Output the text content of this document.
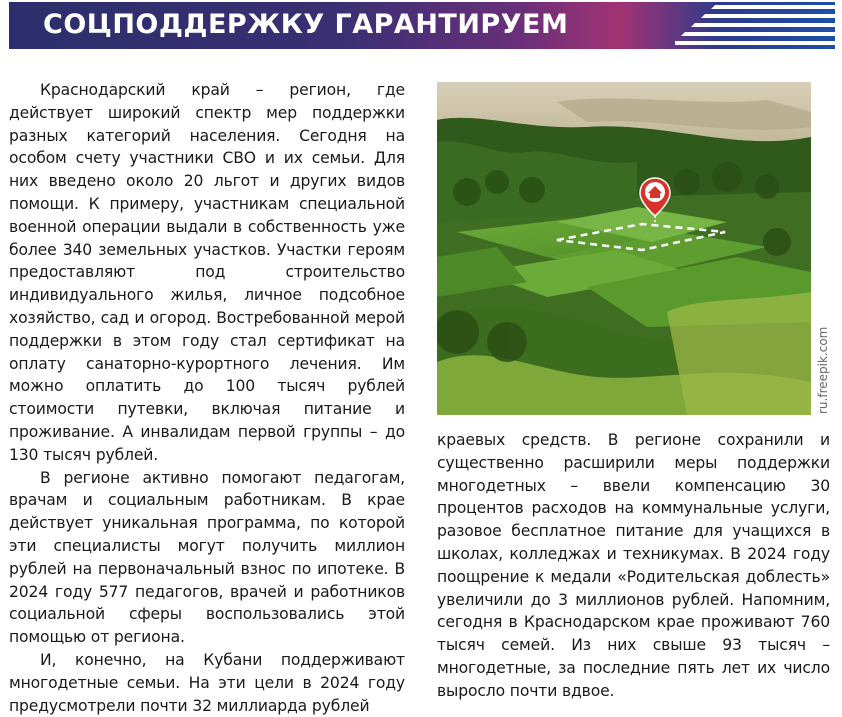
СОЦПОДДЕРЖКУ ГАРАНТИРУЕМ

Краснодарский край – регион, где действует широкий спектр мер поддержки разных категорий населения. Сегодня на особом счету участники СВО и их семьи. Для них введено около 20 льгот и других видов помощи. К примеру, участникам специальной военной операции выдали в собственность уже более 340 земельных участков. Участки героям предоставляют под строительство индивидуального жилья, личное подсобное хозяйство, сад и огород. Востребованной мерой поддержки в этом году стал сертификат на оплату санаторно-курортного лечения. Им можно оплатить до 100 тысяч рублей стоимости путевки, включая питание и проживание. А инвалидам первой группы – до 130 тысяч рублей.

В регионе активно помогают педагогам, врачам и социальным работникам. В крае действует уникальная программа, по которой эти специалисты могут получить миллион рублей на первоначальный взнос по ипотеке. В 2024 году 577 педагогов, врачей и работников социальной сферы воспользовались этой помощью от региона.

И, конечно, на Кубани поддерживают многодетные семьи. На эти цели в 2024 году предусмотрели почти 32 миллиарда рублей

ru.freepik.com

краевых средств. В регионе сохранили и существенно расширили меры поддержки многодетных – ввели компенсацию 30 процентов расходов на коммунальные услуги, разовое бесплатное питание для учащихся в школах, колледжах и техникумах. В 2024 году поощрение к медали «Родительская доблесть» увеличили до 3 миллионов рублей. Напомним, сегодня в Краснодарском крае проживают 760 тысяч семей. Из них свыше 93 тысяч – многодетные, за последние пять лет их число выросло почти вдвое.
